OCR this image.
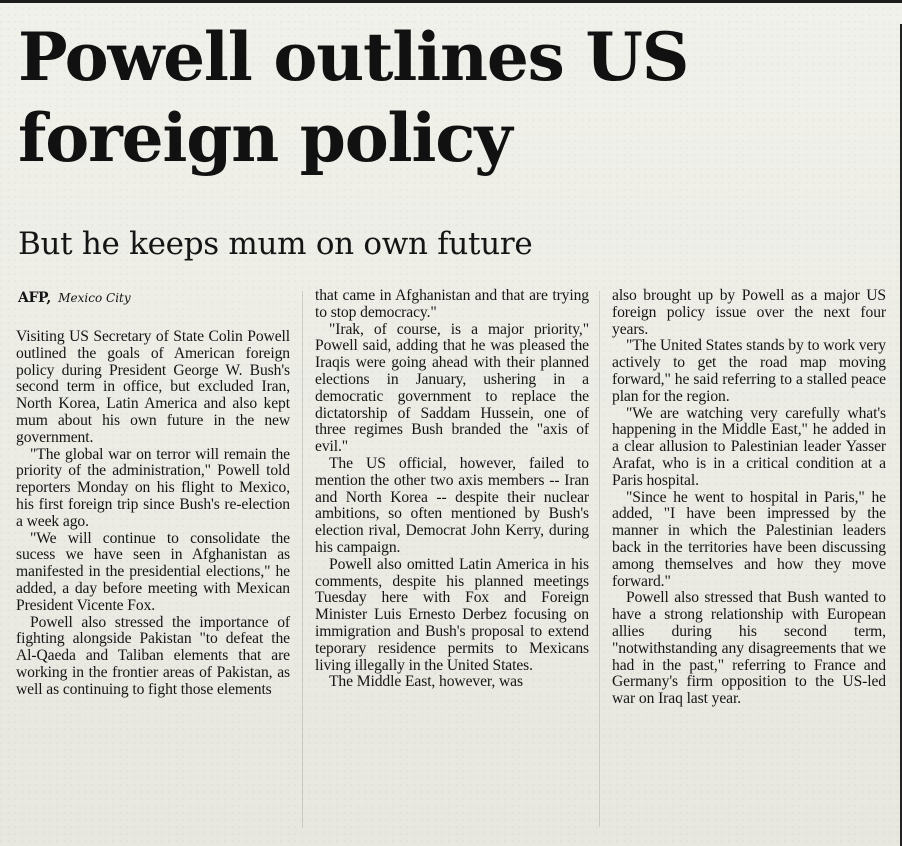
Powell outlines US foreign policy
But he keeps mum on own future
AFP, Mexico City

Visiting US Secretary of State Colin Powell outlined the goals of American foreign policy during President George W. Bush's second term in office, but excluded Iran, North Korea, Latin America and also kept mum about his own future in the new government.

"The global war on terror will remain the priority of the administration," Powell told reporters Monday on his flight to Mexico, his first foreign trip since Bush's re-election a week ago.

"We will continue to consolidate the sucess we have seen in Afghanistan as manifested in the presidential elections," he added, a day before meeting with Mexican President Vicente Fox.

Powell also stressed the importance of fighting alongside Pakistan "to defeat the Al-Qaeda and Taliban elements that are working in the frontier areas of Pakistan, as well as continuing to fight those elements

that came in Afghanistan and that are trying to stop democracy."

"Irak, of course, is a major priority," Powell said, adding that he was pleased the Iraqis were going ahead with their planned elections in January, ushering in a democratic government to replace the dictatorship of Saddam Hussein, one of three regimes Bush branded the "axis of evil."

The US official, however, failed to mention the other two axis members -- Iran and North Korea -- despite their nuclear ambitions, so often mentioned by Bush's election rival, Democrat John Kerry, during his campaign.

Powell also omitted Latin America in his comments, despite his planned meetings Tuesday here with Fox and Foreign Minister Luis Ernesto Derbez focusing on immigration and Bush's proposal to extend teporary residence permits to Mexicans living illegally in the United States.

The Middle East, however, was

also brought up by Powell as a major US foreign policy issue over the next four years.

"The United States stands by to work very actively to get the road map moving forward," he said referring to a stalled peace plan for the region.

"We are watching very carefully what's happening in the Middle East," he added in a clear allusion to Palestinian leader Yasser Arafat, who is in a critical condition at a Paris hospital.

"Since he went to hospital in Paris," he added, "I have been impressed by the manner in which the Palestinian leaders back in the territories have been discussing among themselves and how they move forward."

Powell also stressed that Bush wanted to have a strong relationship with European allies during his second term, "notwithstanding any disagreements that we had in the past," referring to France and Germany's firm opposition to the US-led war on Iraq last year.
